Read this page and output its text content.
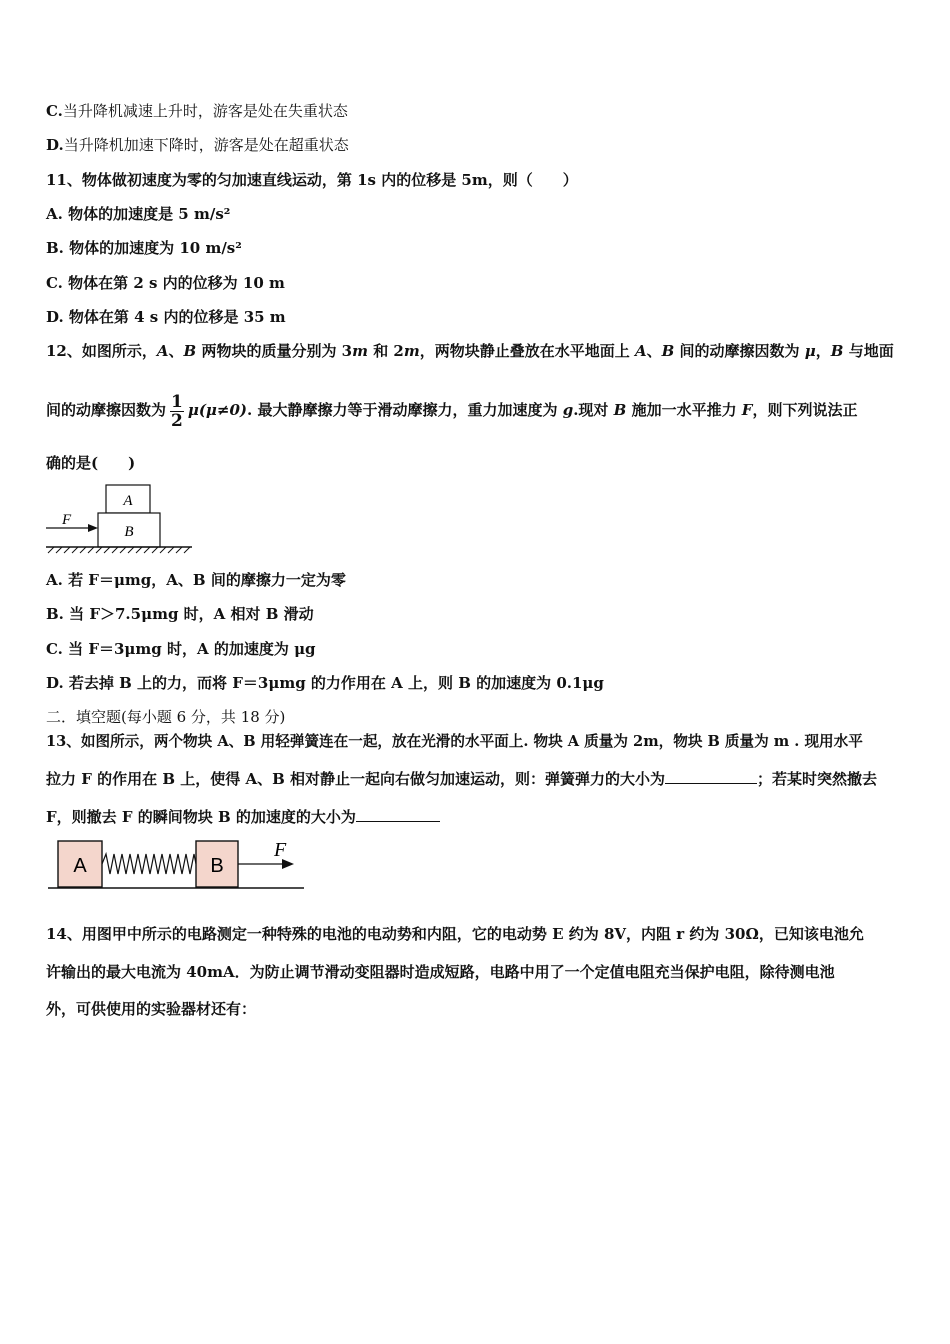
C.当升降机减速上升时，游客是处在失重状态
D.当升降机加速下降时，游客是处在超重状态
11、物体做初速度为零的匀加速直线运动，第 1s 内的位移是 5m，则（　　）
A. 物体的加速度是 5 m/s²
B. 物体的加速度为 10 m/s²
C. 物体在第 2 s 内的位移为 10 m
D. 物体在第 4 s 内的位移是 35 m
12、如图所示，A、B 两物块的质量分别为 3m 和 2m，两物块静止叠放在水平地面上 A、B 间的动摩擦因数为 μ，B 与地面
间的动摩擦因数为 $\frac{1}{2} \mu(\mu\ne 0)$. 最大静摩擦力等于滑动摩擦力，重力加速度为 g.现对 B 施加一水平推力 F，则下列说法正
确的是(　　)
A
B
F
A. 若 F＝μmg，A、B 间的摩擦力一定为零
B. 当 F＞7.5μmg 时，A 相对 B 滑动
C. 当 F＝3μmg 时，A 的加速度为 μg
D. 若去掉 B 上的力，而将 F＝3μmg 的力作用在 A 上，则 B 的加速度为 0.1μg
二．填空题(每小题 6 分，共 18 分)
13、如图所示，两个物块 A、B 用轻弹簧连在一起，放在光滑的水平面上. 物块 A 质量为 2m，物块 B 质量为 m . 现用水平
拉力 F 的作用在 B 上，使得 A、B 相对静止一起向右做匀加速运动，则：弹簧弹力的大小为	；若某时突然撤去
F，则撤去 F 的瞬间物块 B 的加速度的大小为
A	B
F
14、用图甲中所示的电路测定一种特殊的电池的电动势和内阻，它的电动势 E 约为 8V，内阻 r 约为 30Ω，已知该电池允
许输出的最大电流为 40mA．为防止调节滑动变阻器时造成短路，电路中用了一个定值电阻充当保护电阻，除待测电池
外，可供使用的实验器材还有：
